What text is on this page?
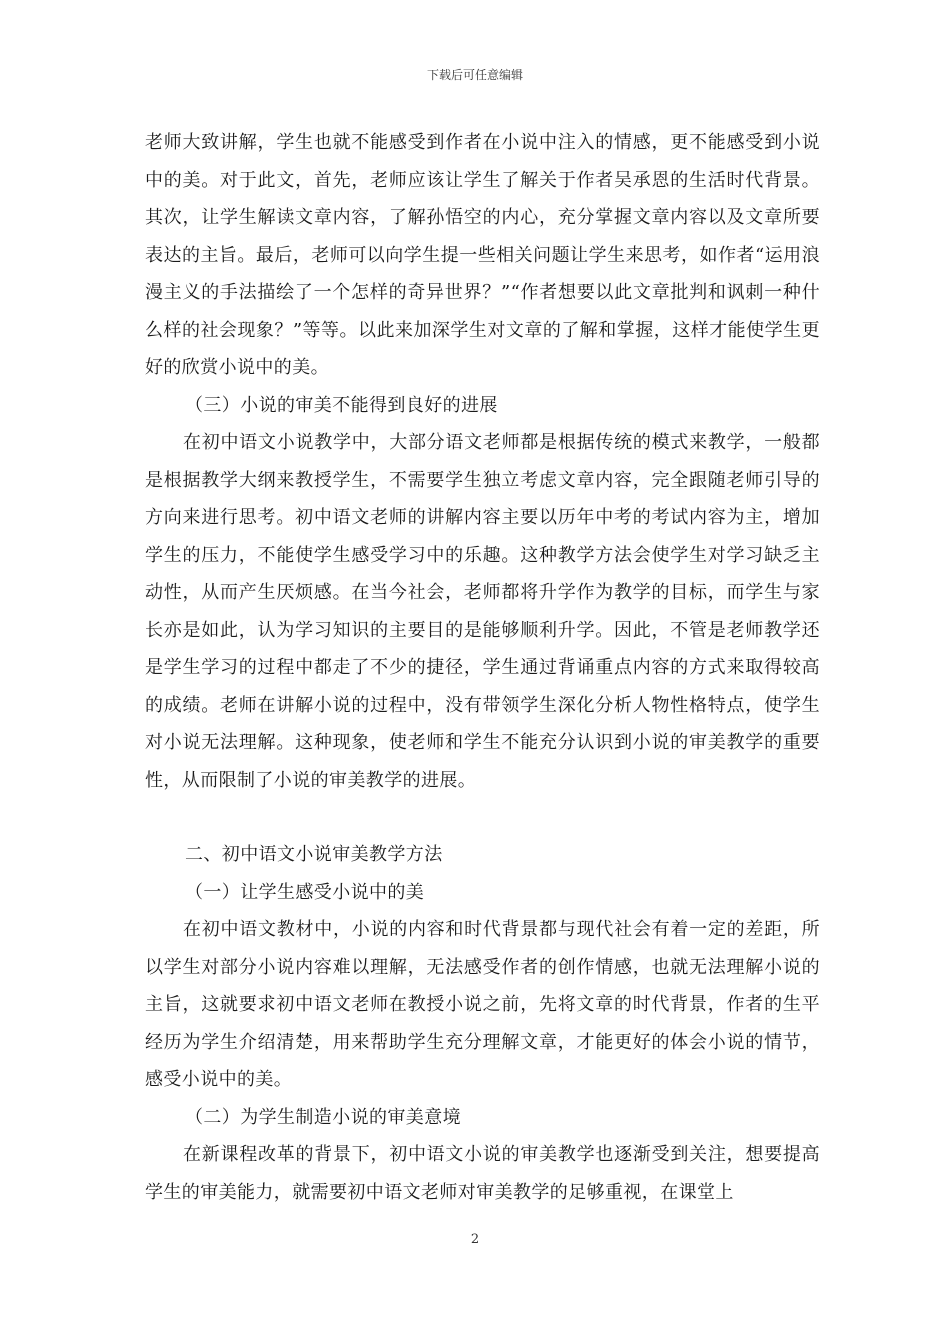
下载后可任意编辑

老师大致讲解，学生也就不能感受到作者在小说中注入的情感，更不能感受到小说中的美。对于此文，首先，老师应该让学生了解关于作者吴承恩的生活时代背景。其次，让学生解读文章内容，了解孙悟空的内心，充分掌握文章内容以及文章所要表达的主旨。最后，老师可以向学生提一些相关问题让学生来思考，如作者“运用浪漫主义的手法描绘了一个怎样的奇异世界？”“作者想要以此文章批判和讽刺一种什么样的社会现象？”等等。以此来加深学生对文章的了解和掌握，这样才能使学生更好的欣赏小说中的美。

（三）小说的审美不能得到良好的进展

在初中语文小说教学中，大部分语文老师都是根据传统的模式来教学，一般都是根据教学大纲来教授学生，不需要学生独立考虑文章内容，完全跟随老师引导的方向来进行思考。初中语文老师的讲解内容主要以历年中考的考试内容为主，增加学生的压力，不能使学生感受学习中的乐趣。这种教学方法会使学生对学习缺乏主动性，从而产生厌烦感。在当今社会，老师都将升学作为教学的目标，而学生与家长亦是如此，认为学习知识的主要目的是能够顺利升学。因此，不管是老师教学还是学生学习的过程中都走了不少的捷径，学生通过背诵重点内容的方式来取得较高的成绩。老师在讲解小说的过程中，没有带领学生深化分析人物性格特点，使学生对小说无法理解。这种现象，使老师和学生不能充分认识到小说的审美教学的重要性，从而限制了小说的审美教学的进展。

二、初中语文小说审美教学方法

（一）让学生感受小说中的美

在初中语文教材中，小说的内容和时代背景都与现代社会有着一定的差距，所以学生对部分小说内容难以理解，无法感受作者的创作情感，也就无法理解小说的主旨，这就要求初中语文老师在教授小说之前，先将文章的时代背景，作者的生平经历为学生介绍清楚，用来帮助学生充分理解文章，才能更好的体会小说的情节，感受小说中的美。

（二）为学生制造小说的审美意境

在新课程改革的背景下，初中语文小说的审美教学也逐渐受到关注，想要提高学生的审美能力，就需要初中语文老师对审美教学的足够重视，在课堂上

2
